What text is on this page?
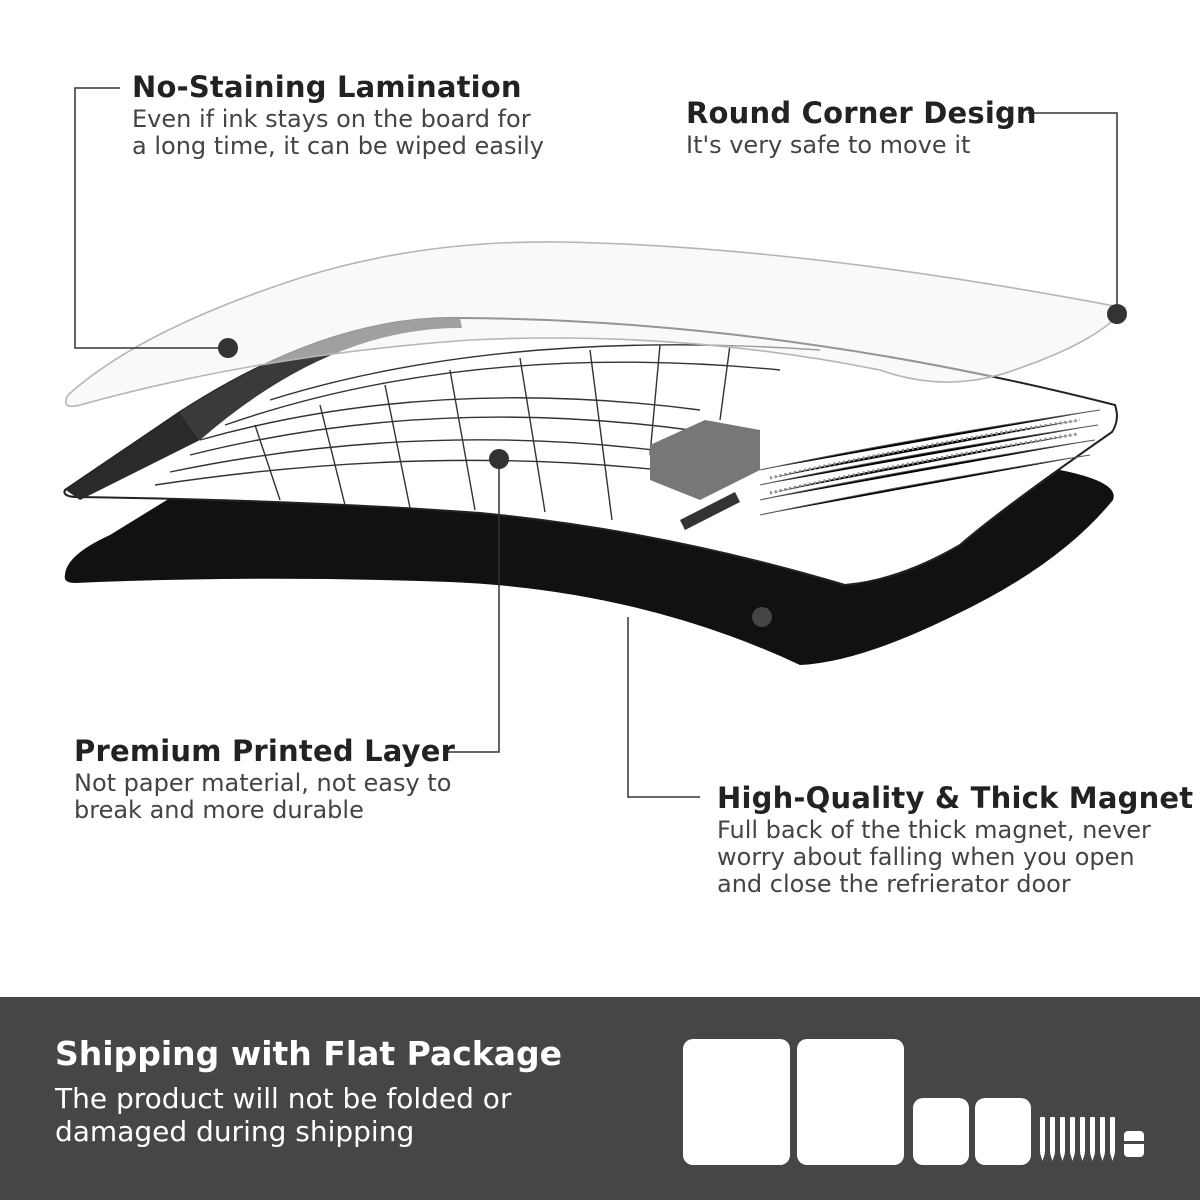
No-Staining Lamination
Even if ink stays on the board for a long time, it can be wiped easily
Round Corner Design
It's very safe to move it
Premium Printed Layer
Not paper material, not easy to break and more durable	High-Quality & Thick Magnet
Full back of the thick magnet, never worry about falling when you open and close the refrierator door
Shipping with Flat Package
The product will not be folded or damaged during shipping
